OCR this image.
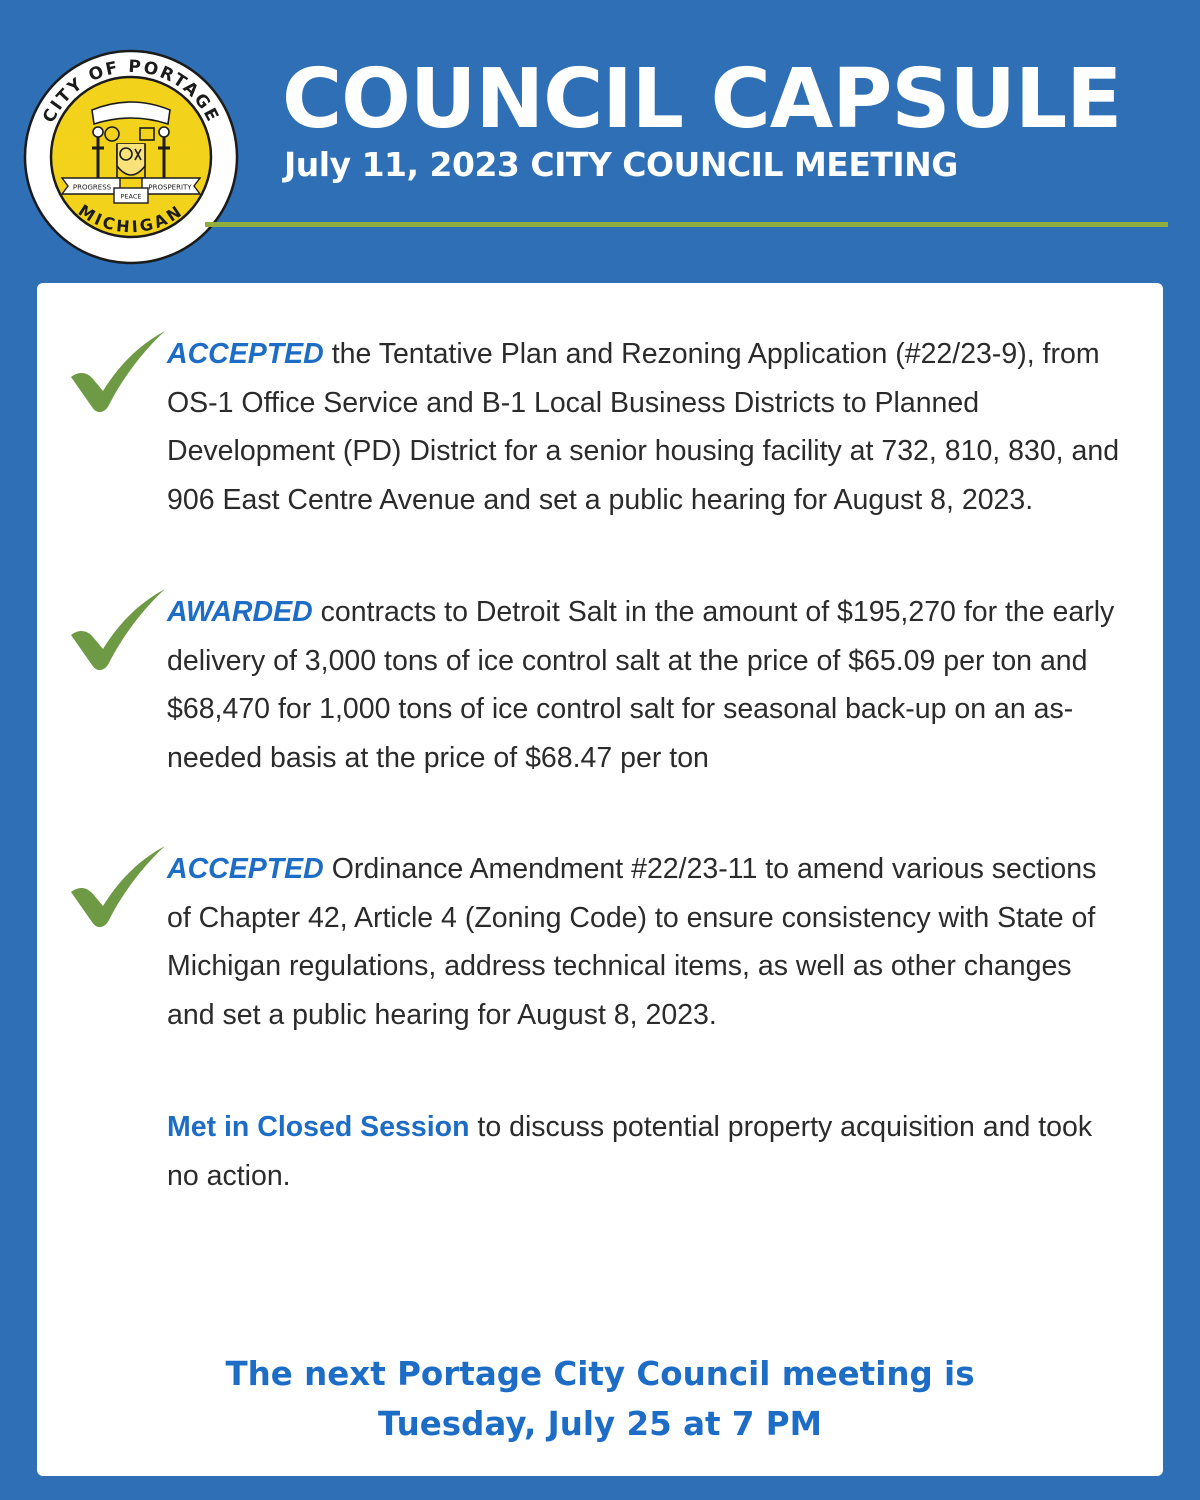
CITY OF PORTAGE
MICHIGAN
PROGRESS	PROSPERITY
PEACE
COUNCIL CAPSULE
July 11, 2023 CITY COUNCIL MEETING

ACCEPTED the Tentative Plan and Rezoning Application (#22/23-9), from OS-1 Office Service and B-1 Local Business Districts to Planned Development (PD) District for a senior housing facility at 732, 810, 830, and 906 East Centre Avenue and set a public hearing for August 8, 2023.

AWARDED contracts to Detroit Salt in the amount of $195,270 for the early delivery of 3,000 tons of ice control salt at the price of $65.09 per ton and $68,470 for 1,000 tons of ice control salt for seasonal back-up on an as-needed basis at the price of $68.47 per ton

ACCEPTED Ordinance Amendment #22/23-11 to amend various sections of Chapter 42, Article 4 (Zoning Code) to ensure consistency with State of Michigan regulations, address technical items, as well as other changes and set a public hearing for August 8, 2023.

Met in Closed Session to discuss potential property acquisition and took no action.

The next Portage City Council meeting is

Tuesday, July 25 at 7 PM
